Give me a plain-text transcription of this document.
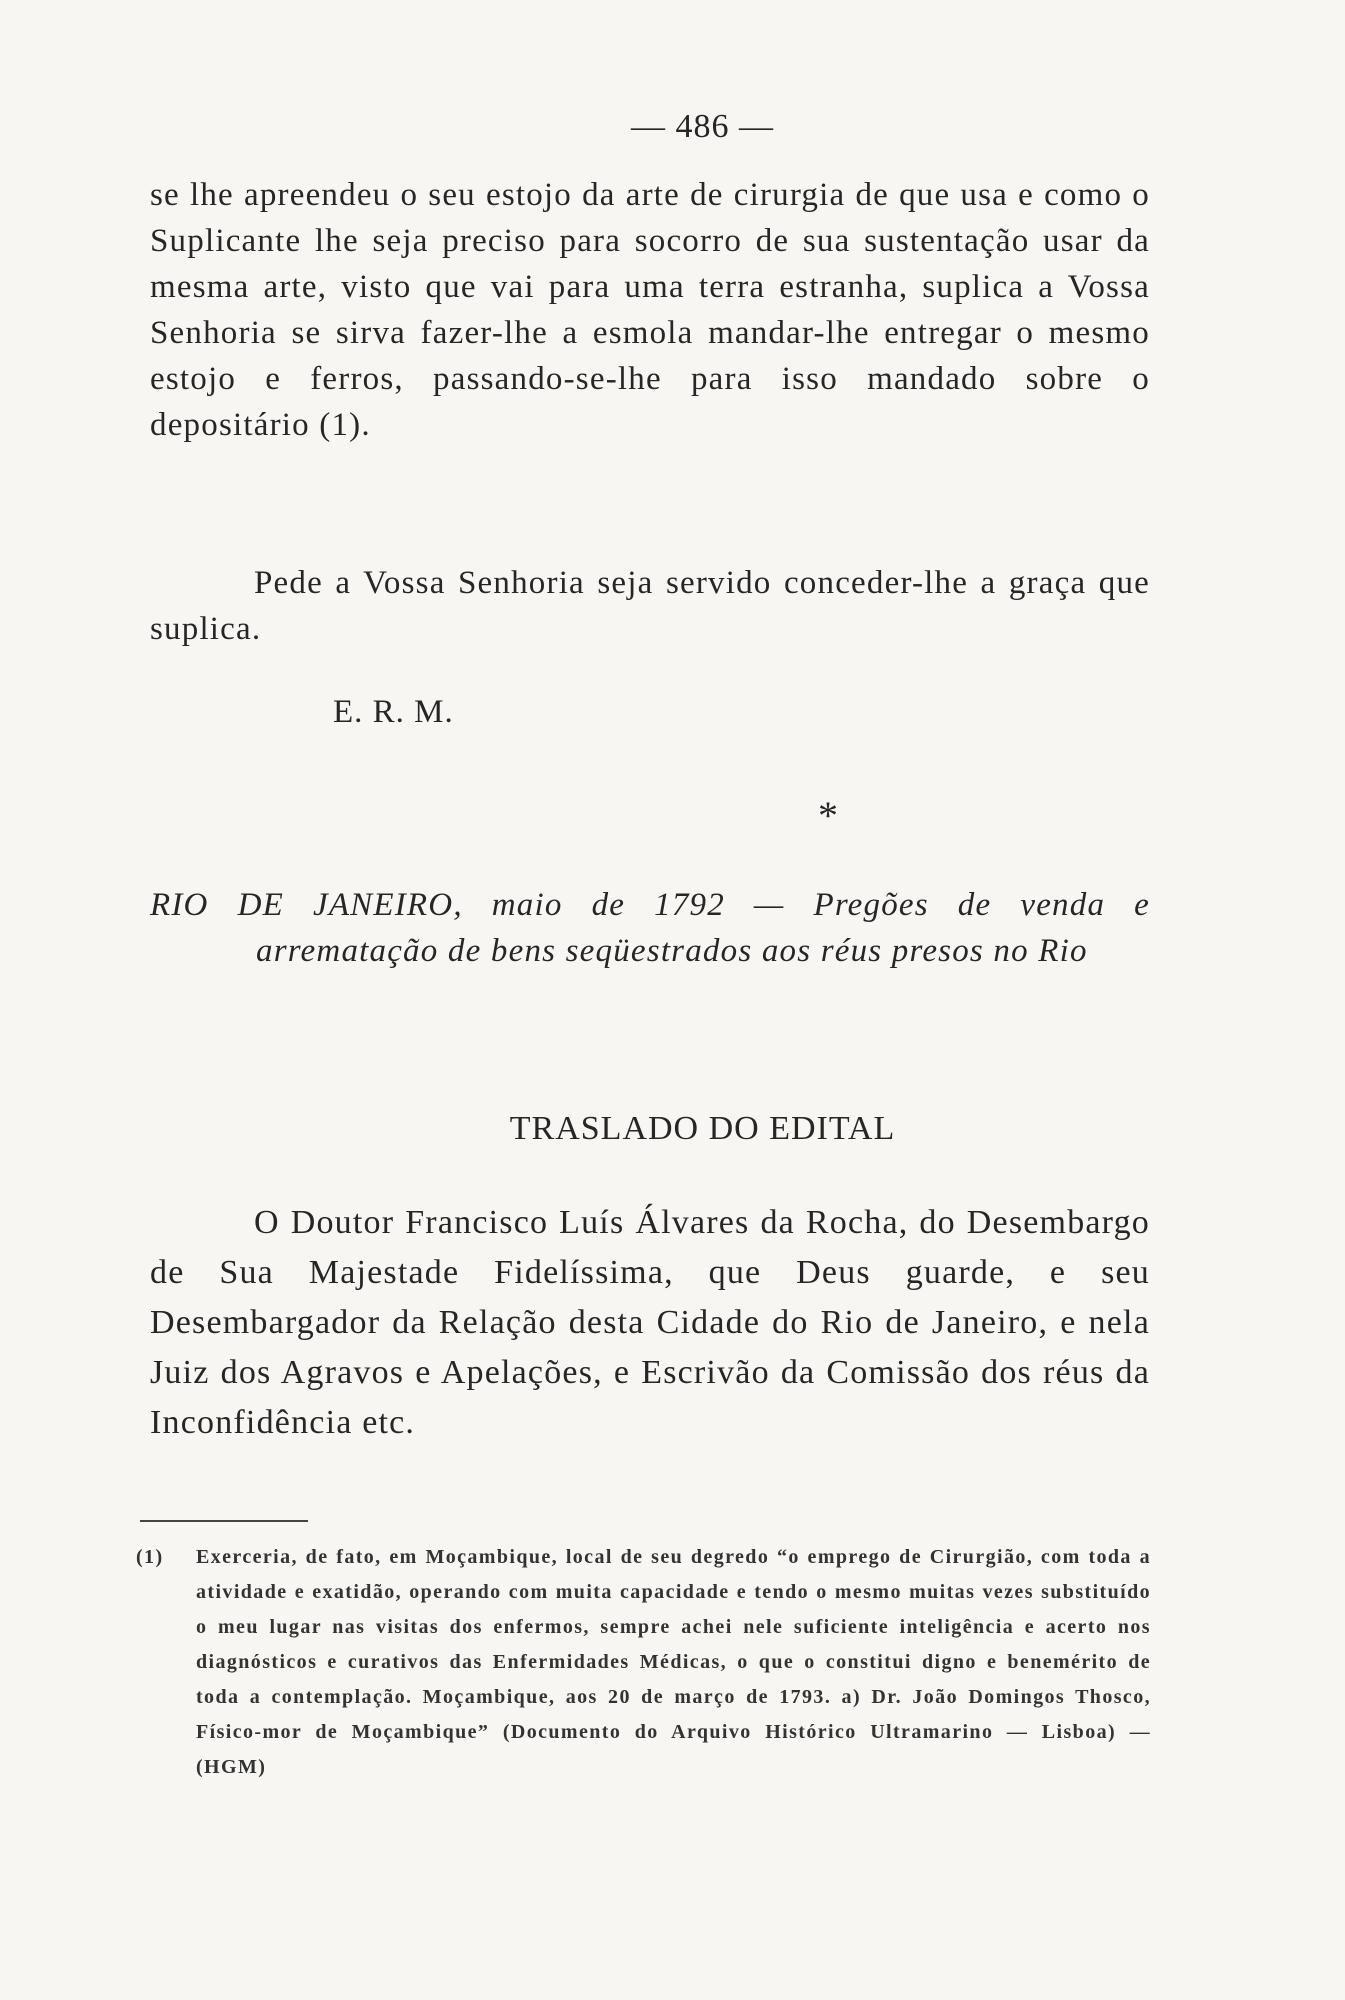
— 486 —
se lhe apreendeu o seu estojo da arte de cirurgia de que usa e como o Suplicante lhe seja preciso para socorro de sua sustentação usar da mesma arte, visto que vai para uma terra estranha, suplica a Vossa Senhoria se sirva fazer-lhe a esmola mandar-lhe entregar o mesmo estojo e ferros, passando-se-lhe para isso mandado sobre o depositário (1).
Pede a Vossa Senhoria seja servido conceder-lhe a graça que suplica.
E. R. M.
*
RIO DE JANEIRO, maio de 1792 — Pregões de venda e
arrematação de bens seqüestrados aos réus presos no Rio
TRASLADO DO EDITAL
O Doutor Francisco Luís Álvares da Rocha, do Desembargo de Sua Majestade Fidelíssima, que Deus guarde, e seu Desembargador da Relação desta Cidade do Rio de Janeiro, e nela Juiz dos Agravos e Apelações, e Escrivão da Comissão dos réus da Inconfidência etc.
(1)	Exerceria, de fato, em Moçambique, local de seu degredo “o emprego de Cirurgião, com toda a atividade e exatidão, operando com muita capacidade e tendo o mesmo muitas vezes substituído o meu lugar nas visitas dos enfermos, sempre achei nele suficiente inteligência e acerto nos diagnósticos e curativos das Enfermidades Médicas, o que o constitui digno e benemérito de toda a contemplação. Moçambique, aos 20 de março de 1793. a) Dr. João Domingos Thosco, Físico-mor de Moçambique” (Documento do Arquivo Histórico Ultramarino — Lisboa) — (HGM)
